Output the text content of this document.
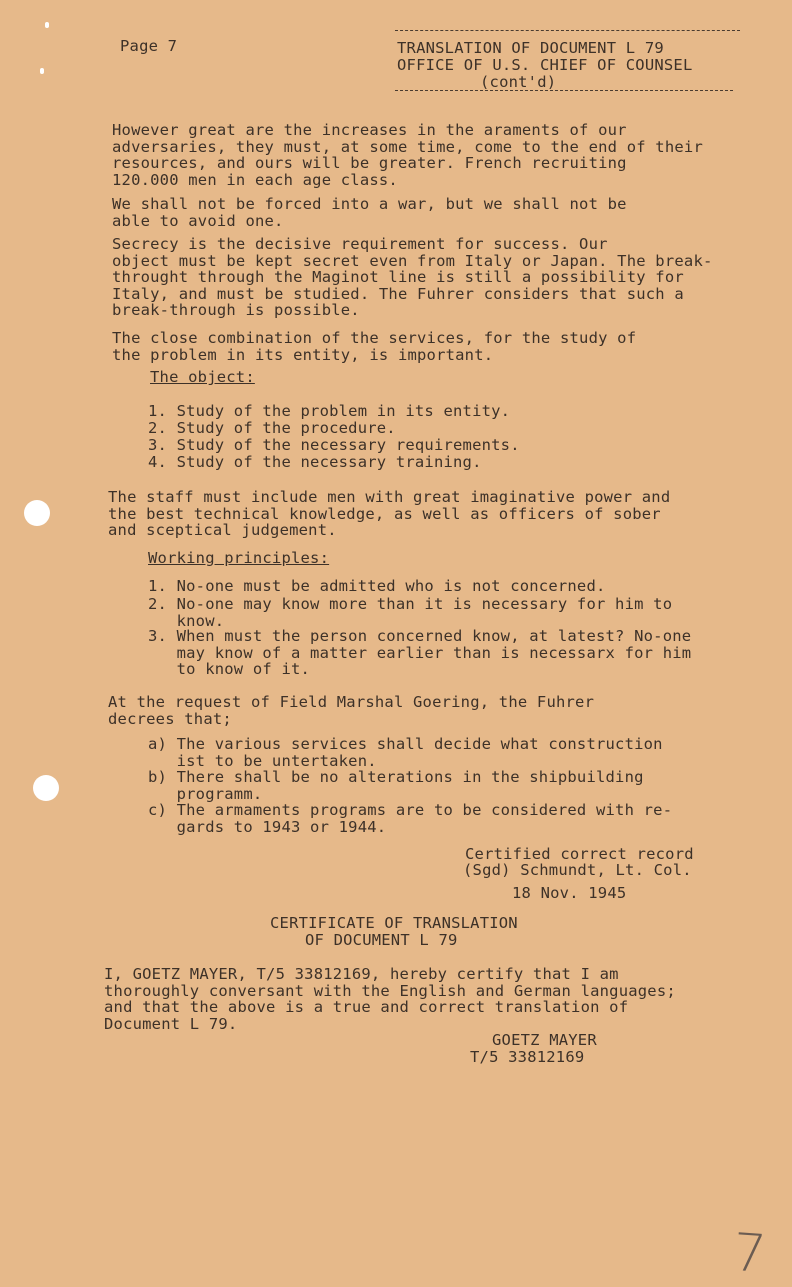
Page 7	TRANSLATION OF DOCUMENT L 79

OFFICE OF U.S. CHIEF OF COUNSEL

(cont'd)

However great are the increases in the araments of our
adversaries, they must, at some time, come to the end of their
resources, and ours will be greater. French recruiting
120.000 men in each age class.

We shall not be forced into a war, but we shall not be
able to avoid one.

Secrecy is the decisive requirement for success. Our
object must be kept secret even from Italy or Japan. The break-
throught through the Maginot line is still a possibility for
Italy, and must be studied. The Fuhrer considers that such a
break-through is possible.

The close combination of the services, for the study of
the problem in its entity, is important.

The object:

1. Study of the problem in its entity.

2. Study of the procedure.

3. Study of the necessary requirements.

4. Study of the necessary training.

The staff must include men with great imaginative power and
the best technical knowledge, as well as officers of sober
and sceptical judgement.

Working principles:

1. No-one must be admitted who is not concerned.

2. No-one may know more than it is necessary for him to
know.

3. When must the person concerned know, at latest? No-one
may know of a matter earlier than is necessarx for him
to know of it.

At the request of Field Marshal Goering, the Fuhrer
decrees that;

a) The various services shall decide what construction
ist to be untertaken.

b) There shall be no alterations in the shipbuilding
programm.

c) The armaments programs are to be considered with re-
gards to 1943 or 1944.

Certified correct record

(Sgd) Schmundt, Lt. Col.

18 Nov. 1945

CERTIFICATE OF TRANSLATION

OF DOCUMENT L 79

I, GOETZ MAYER, T/5 33812169, hereby certify that I am
thoroughly conversant with the English and German languages;
and that the above is a true and correct translation of
Document L 79.

GOETZ MAYER

T/5 33812169

7
